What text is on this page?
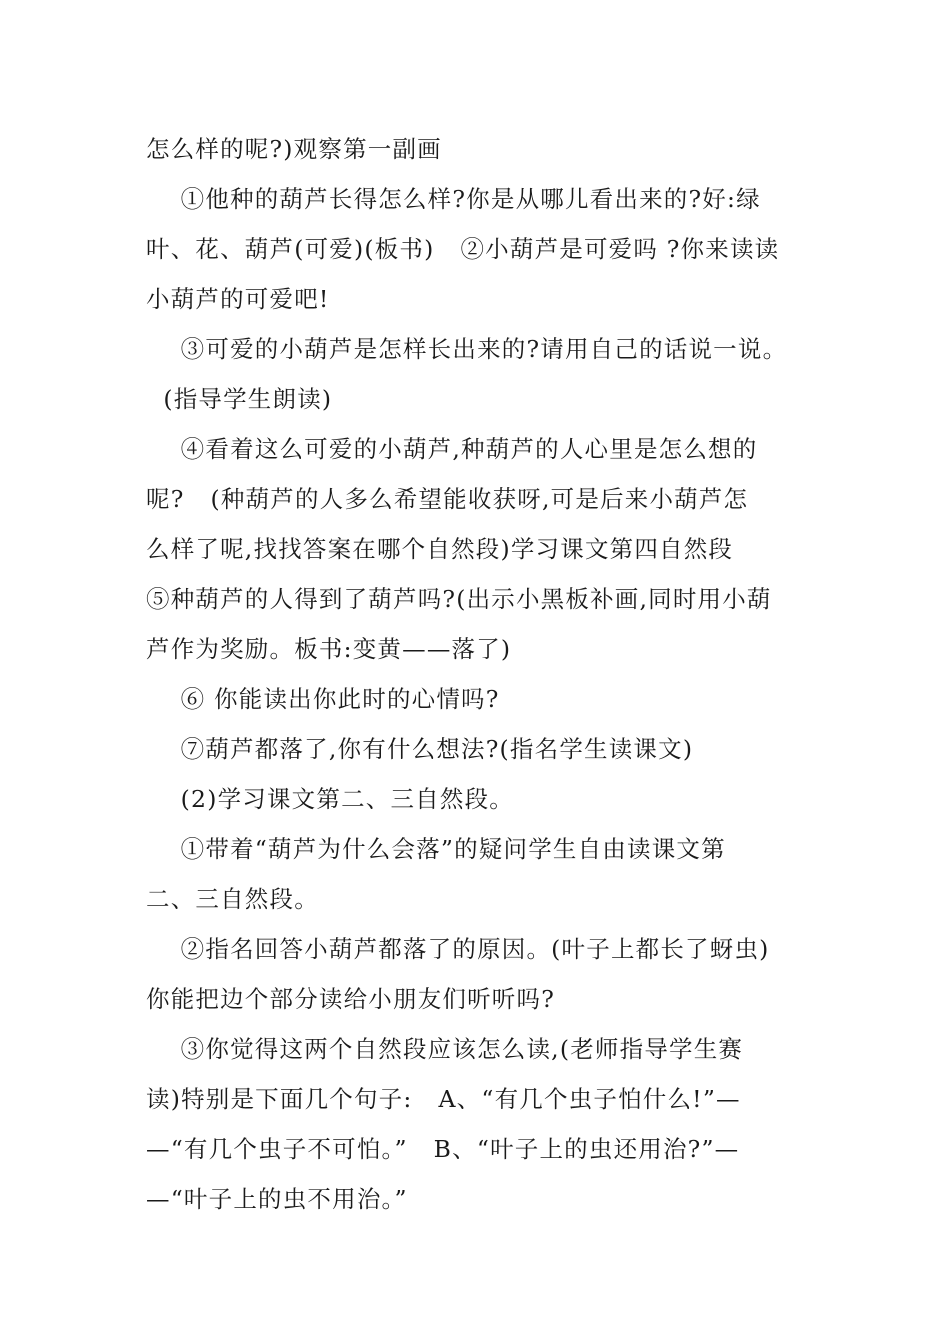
怎么样的呢?)观察第一副画
①他种的葫芦长得怎么样?你是从哪儿看出来的?好:绿
叶、花、葫芦(可爱)(板书)   ②小葫芦是可爱吗 ?你来读读
小葫芦的可爱吧!
③可爱的小葫芦是怎样长出来的?请用自己的话说一说。
(指导学生朗读)
④看着这么可爱的小葫芦,种葫芦的人心里是怎么想的
呢?   (种葫芦的人多么希望能收获呀,可是后来小葫芦怎
么样了呢,找找答案在哪个自然段)学习课文第四自然段
⑤种葫芦的人得到了葫芦吗?(出示小黑板补画,同时用小葫
芦作为奖励。板书:变黄——落了)
⑥ 你能读出你此时的心情吗?
⑦葫芦都落了,你有什么想法?(指名学生读课文)
(2)学习课文第二、三自然段。
①带着“葫芦为什么会落”的疑问学生自由读课文第
二、三自然段。
②指名回答小葫芦都落了的原因。(叶子上都长了蚜虫)
你能把边个部分读给小朋友们听听吗?
③你觉得这两个自然段应该怎么读,(老师指导学生赛
读)特别是下面几个句子:   A、“有几个虫子怕什么!”—
—“有几个虫子不可怕。”   B、“叶子上的虫还用治?”—
—“叶子上的虫不用治。”
